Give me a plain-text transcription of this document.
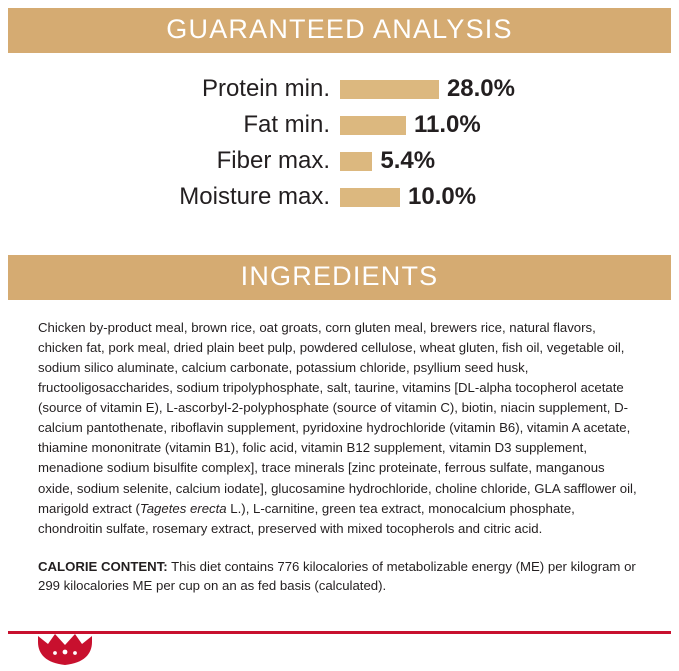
GUARANTEED ANALYSIS
Protein min.	28.0%
Fat min.	11.0%
Fiber max.	5.4%
Moisture max.	10.0%
INGREDIENTS

Chicken by-product meal, brown rice, oat groats, corn gluten meal, brewers rice, natural flavors, chicken fat, pork meal, dried plain beet pulp, powdered cellulose, wheat gluten, fish oil, vegetable oil, sodium silico aluminate, calcium carbonate, potassium chloride, psyllium seed husk, fructooligosaccharides, sodium tripolyphosphate, salt, taurine, vitamins [DL-alpha tocopherol acetate (source of vitamin E), L-ascorbyl-2-polyphosphate (source of vitamin C), biotin, niacin supplement, D-calcium pantothenate, riboflavin supplement, pyridoxine hydrochloride (vitamin B6), vitamin A acetate, thiamine mononitrate (vitamin B1), folic acid, vitamin B12 supplement, vitamin D3 supplement, menadione sodium bisulfite complex], trace minerals [zinc proteinate, ferrous sulfate, manganous oxide, sodium selenite, calcium iodate], glucosamine hydrochloride, choline chloride, GLA safflower oil, marigold extract (Tagetes erecta L.), L-carnitine, green tea extract, monocalcium phosphate, chondroitin sulfate, rosemary extract, preserved with mixed tocopherols and citric acid.

CALORIE CONTENT: This diet contains 776 kilocalories of metabolizable energy (ME) per kilogram or 299 kilocalories ME per cup on an as fed basis (calculated).
